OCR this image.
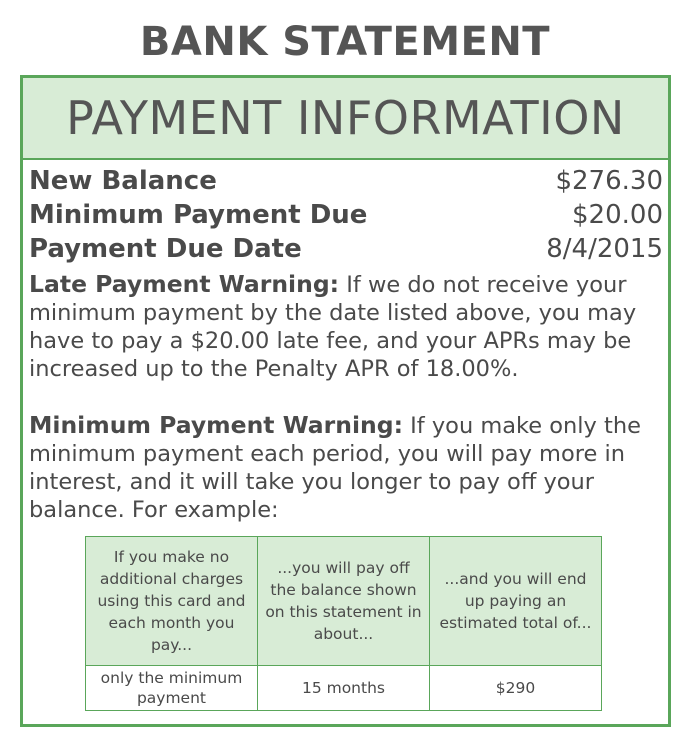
BANK STATEMENT
PAYMENT INFORMATION
New Balance	$276.30
Minimum Payment Due	$20.00
Payment Due Date	8/4/2015
Late Payment Warning: If we do not receive your minimum payment by the date listed above, you may have to pay a $20.00 late fee, and your APRs may be increased up to the Penalty APR of 18.00%.
Minimum Payment Warning: If you make only the minimum payment each period, you will pay more in interest, and it will take you longer to pay off your balance. For example:
If you make no additional charges using this card and each month you pay...	...you will pay off the balance shown on this statement in about...	...and you will end up paying an estimated total of...
only the minimum payment	15 months	$290
